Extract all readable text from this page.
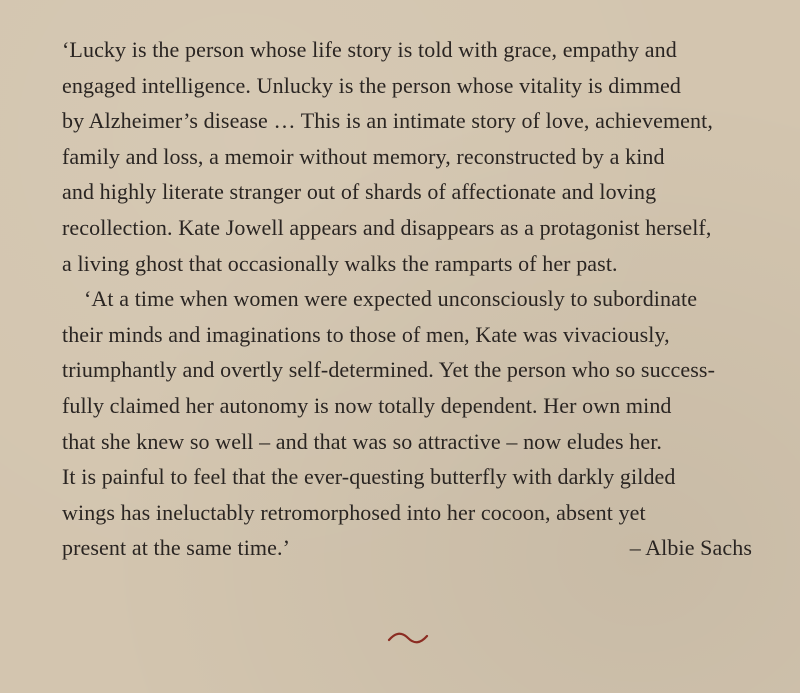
‘Lucky is the person whose life story is told with grace, empathy and
engaged intelligence. Unlucky is the person whose vitality is dimmed
by Alzheimer’s disease … This is an intimate story of love, achievement,
family and loss, a memoir without memory, reconstructed by a kind
and highly literate stranger out of shards of affectionate and loving
recollection. Kate Jowell appears and disappears as a protagonist herself,
a living ghost that occasionally walks the ramparts of her past.
‘At a time when women were expected unconsciously to subordinate
their minds and imaginations to those of men, Kate was vivaciously,
triumphantly and overtly self-determined. Yet the person who so success-
fully claimed her autonomy is now totally dependent. Her own mind
that she knew so well – and that was so attractive – now eludes her.
It is painful to feel that the ever-questing butterfly with darkly gilded
wings has ineluctably retromorphosed into her cocoon, absent yet
present at the same time.’	– Albie Sachs
